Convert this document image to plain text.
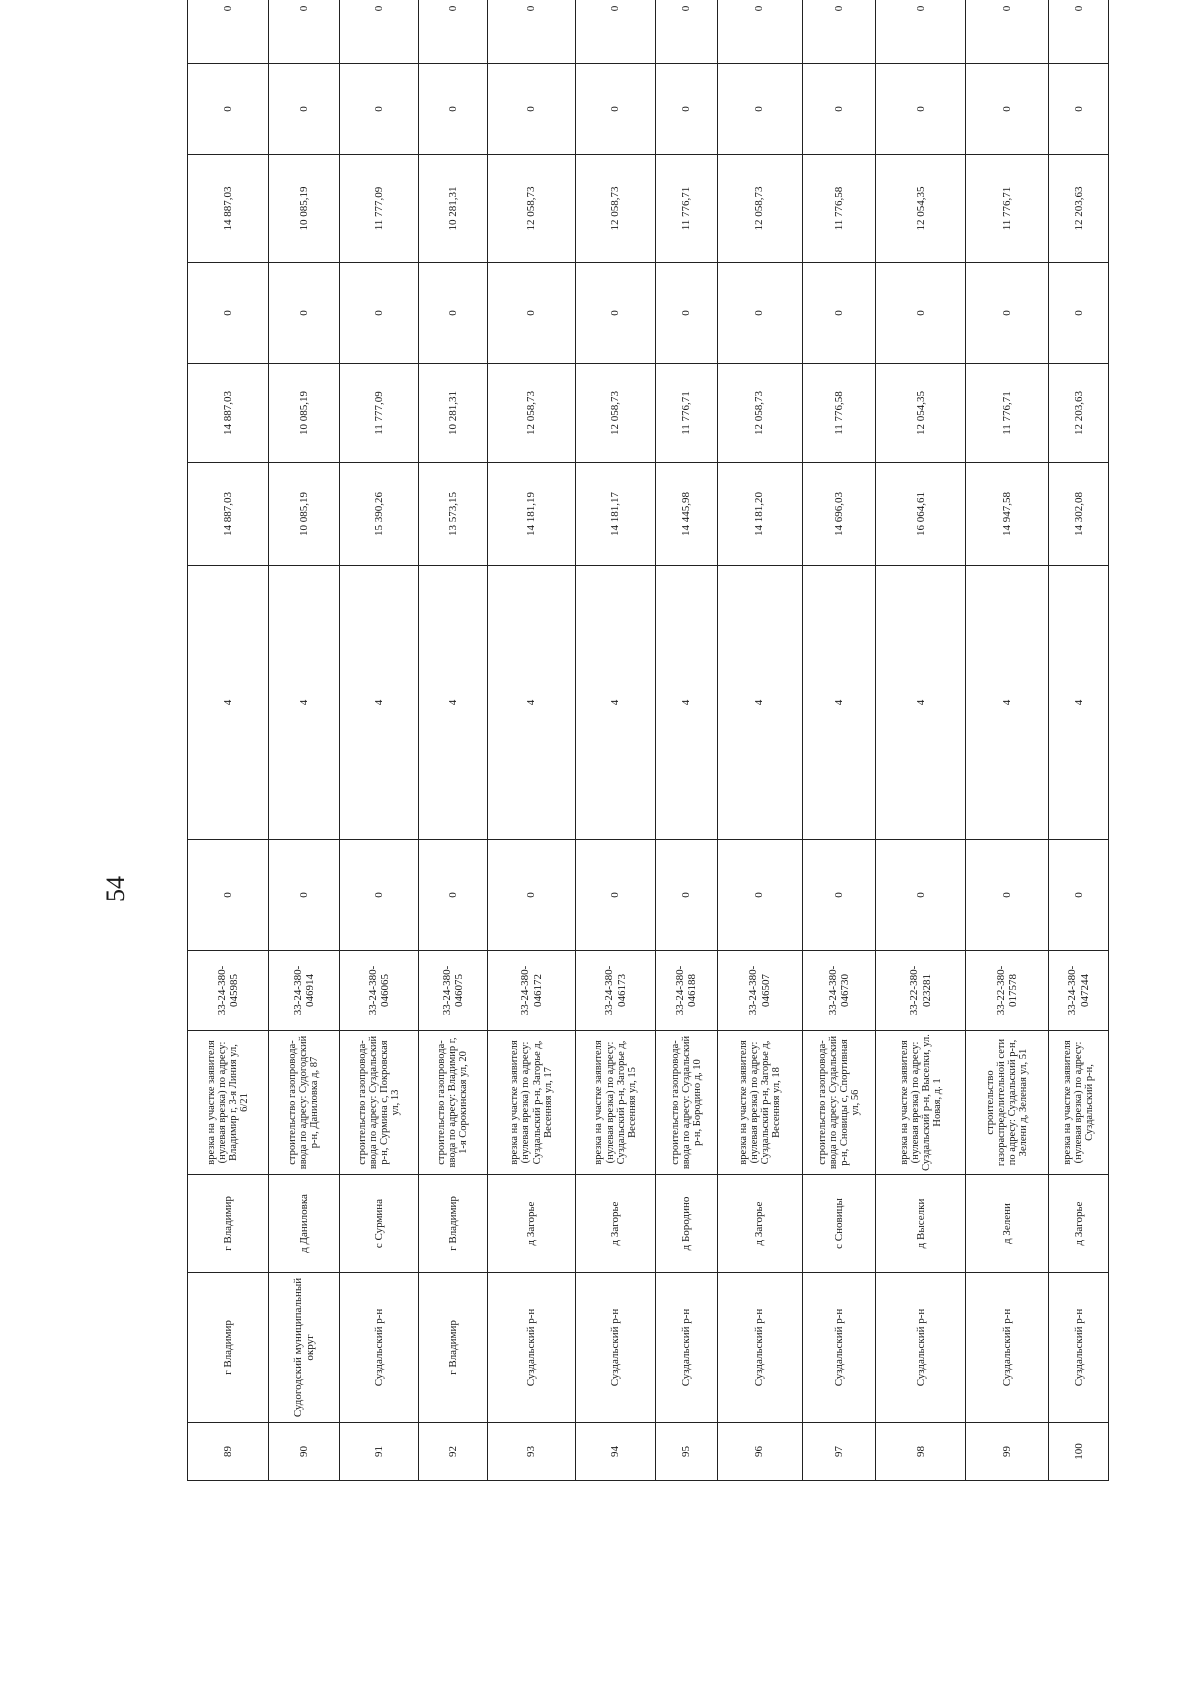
54
89	г Владимир	г Владимир	врезка на участке заявителя (нулевая врезка) по адресу: Владимир г, 3-я Линия ул, 6/21	33-24-380-045985	0	4	14 887,03	14 887,03	0	14 887,03	0	0
90	Судогодский муниципальный округ	д Даниловка	строительство газопровода-ввода по адресу: Судогодский р-н, Даниловка д, 87	33-24-380-046914	0	4	10 085,19	10 085,19	0	10 085,19	0	0
91	Суздальский р-н	с Сурмина	строительство газопровода-ввода по адресу: Суздальский р-н, Сурмина с, Покровская ул, 13	33-24-380-046065	0	4	15 390,26	11 777,09	0	11 777,09	0	0
92	г Владимир	г Владимир	строительство газопровода-ввода по адресу: Владимир г, 1-я Сорокинская ул, 20	33-24-380-046075	0	4	13 573,15	10 281,31	0	10 281,31	0	0
93	Суздальский р-н	д Загорье	врезка на участке заявителя (нулевая врезка) по адресу: Суздальский р-н, Загорье д, Весенняя ул, 17	33-24-380-046172	0	4	14 181,19	12 058,73	0	12 058,73	0	0
94	Суздальский р-н	д Загорье	врезка на участке заявителя (нулевая врезка) по адресу: Суздальский р-н, Загорье д, Весенняя ул, 15	33-24-380-046173	0	4	14 181,17	12 058,73	0	12 058,73	0	0
95	Суздальский р-н	д Бородино	строительство газопровода-ввода по адресу: Суздальский р-н, Бородино д, 10	33-24-380-046188	0	4	14 445,98	11 776,71	0	11 776,71	0	0
96	Суздальский р-н	д Загорье	врезка на участке заявителя (нулевая врезка) по адресу: Суздальский р-н, Загорье д, Весенняя ул, 18	33-24-380-046507	0	4	14 181,20	12 058,73	0	12 058,73	0	0
97	Суздальский р-н	с Сновицы	строительство газопровода-ввода по адресу: Суздальский р-н, Сновицы с, Спортивная ул, 56	33-24-380-046730	0	4	14 696,03	11 776,58	0	11 776,58	0	0
98	Суздальский р-н	д Выселки	врезка на участке заявителя (нулевая врезка) по адресу: Суздальский р-н, Выселки, ул. Новая, д. 1	33-22-380-023281	0	4	16 064,61	12 054,35	0	12 054,35	0	0
99	Суздальский р-н	д Зелени	строительство газораспределительной сети по адресу: Суздальский р-н, Зелени д, Зеленая ул, 51	33-22-380-017578	0	4	14 947,58	11 776,71	0	11 776,71	0	0
100	Суздальский р-н	д Загорье	врезка на участке заявителя (нулевая врезка) по адресу: Суздальский р-н,	33-24-380-047244	0	4	14 302,08	12 203,63	0	12 203,63	0	0
